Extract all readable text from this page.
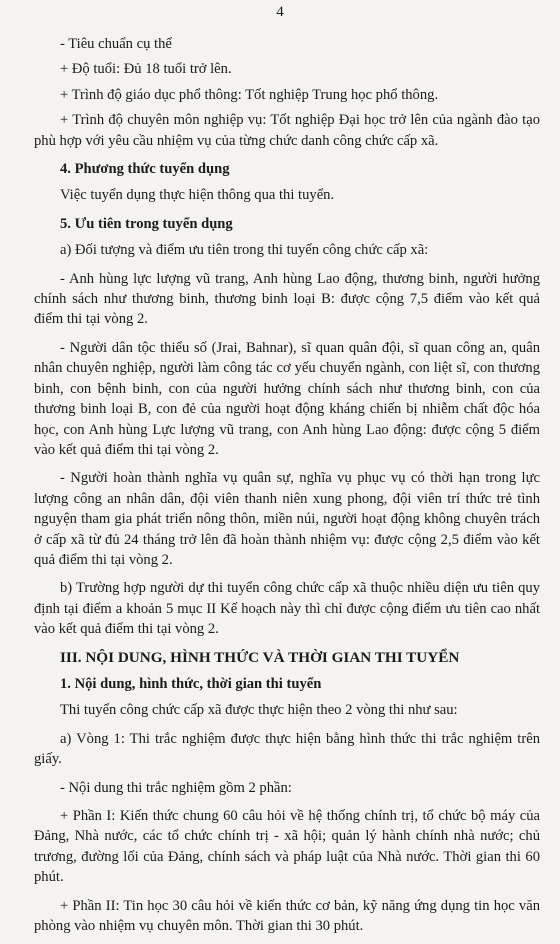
4

- Tiêu chuẩn cụ thể

+ Độ tuổi: Đủ 18 tuổi trở lên.

+ Trình độ giáo dục phổ thông: Tốt nghiệp Trung học phổ thông.

+ Trình độ chuyên môn nghiệp vụ: Tốt nghiệp Đại học trở lên của ngành đào tạo phù hợp với yêu cầu nhiệm vụ của từng chức danh công chức cấp xã.

4. Phương thức tuyển dụng

Việc tuyển dụng thực hiện thông qua thi tuyển.

5. Ưu tiên trong tuyển dụng

a) Đối tượng và điểm ưu tiên trong thi tuyển công chức cấp xã:

- Anh hùng lực lượng vũ trang, Anh hùng Lao động, thương binh, người hưởng chính sách như thương binh, thương binh loại B: được cộng 7,5 điểm vào kết quả điểm thi tại vòng 2.

- Người dân tộc thiểu số (Jrai, Bahnar), sĩ quan quân đội, sĩ quan công an, quân nhân chuyên nghiệp, người làm công tác cơ yếu chuyển ngành, con liệt sĩ, con thương binh, con bệnh binh, con của người hưởng chính sách như thương binh, con của thương binh loại B, con đẻ của người hoạt động kháng chiến bị nhiễm chất độc hóa học, con Anh hùng Lực lượng vũ trang, con Anh hùng Lao động: được cộng 5 điểm vào kết quả điểm thi tại vòng 2.

- Người hoàn thành nghĩa vụ quân sự, nghĩa vụ phục vụ có thời hạn trong lực lượng công an nhân dân, đội viên thanh niên xung phong, đội viên trí thức trẻ tình nguyện tham gia phát triển nông thôn, miền núi, người hoạt động không chuyên trách ở cấp xã từ đủ 24 tháng trở lên đã hoàn thành nhiệm vụ: được cộng 2,5 điểm vào kết quả điểm thi tại vòng 2.

b) Trường hợp người dự thi tuyển công chức cấp xã thuộc nhiều diện ưu tiên quy định tại điểm a khoản 5 mục II Kế hoạch này thì chỉ được cộng điểm ưu tiên cao nhất vào kết quả điểm thi tại vòng 2.

III. NỘI DUNG, HÌNH THỨC VÀ THỜI GIAN THI TUYỂN
1. Nội dung, hình thức, thời gian thi tuyển

Thi tuyển công chức cấp xã được thực hiện theo 2 vòng thi như sau:

a) Vòng 1: Thi trắc nghiệm được thực hiện bằng hình thức thi trắc nghiệm trên giấy.

- Nội dung thi trắc nghiệm gồm 2 phần:

+ Phần I: Kiến thức chung 60 câu hỏi về hệ thống chính trị, tổ chức bộ máy của Đảng, Nhà nước, các tổ chức chính trị - xã hội; quản lý hành chính nhà nước; chủ trương, đường lối của Đảng, chính sách và pháp luật của Nhà nước. Thời gian thi 60 phút.

+ Phần II: Tin học 30 câu hỏi về kiến thức cơ bản, kỹ năng ứng dụng tin học văn phòng vào nhiệm vụ chuyên môn. Thời gian thi 30 phút.
